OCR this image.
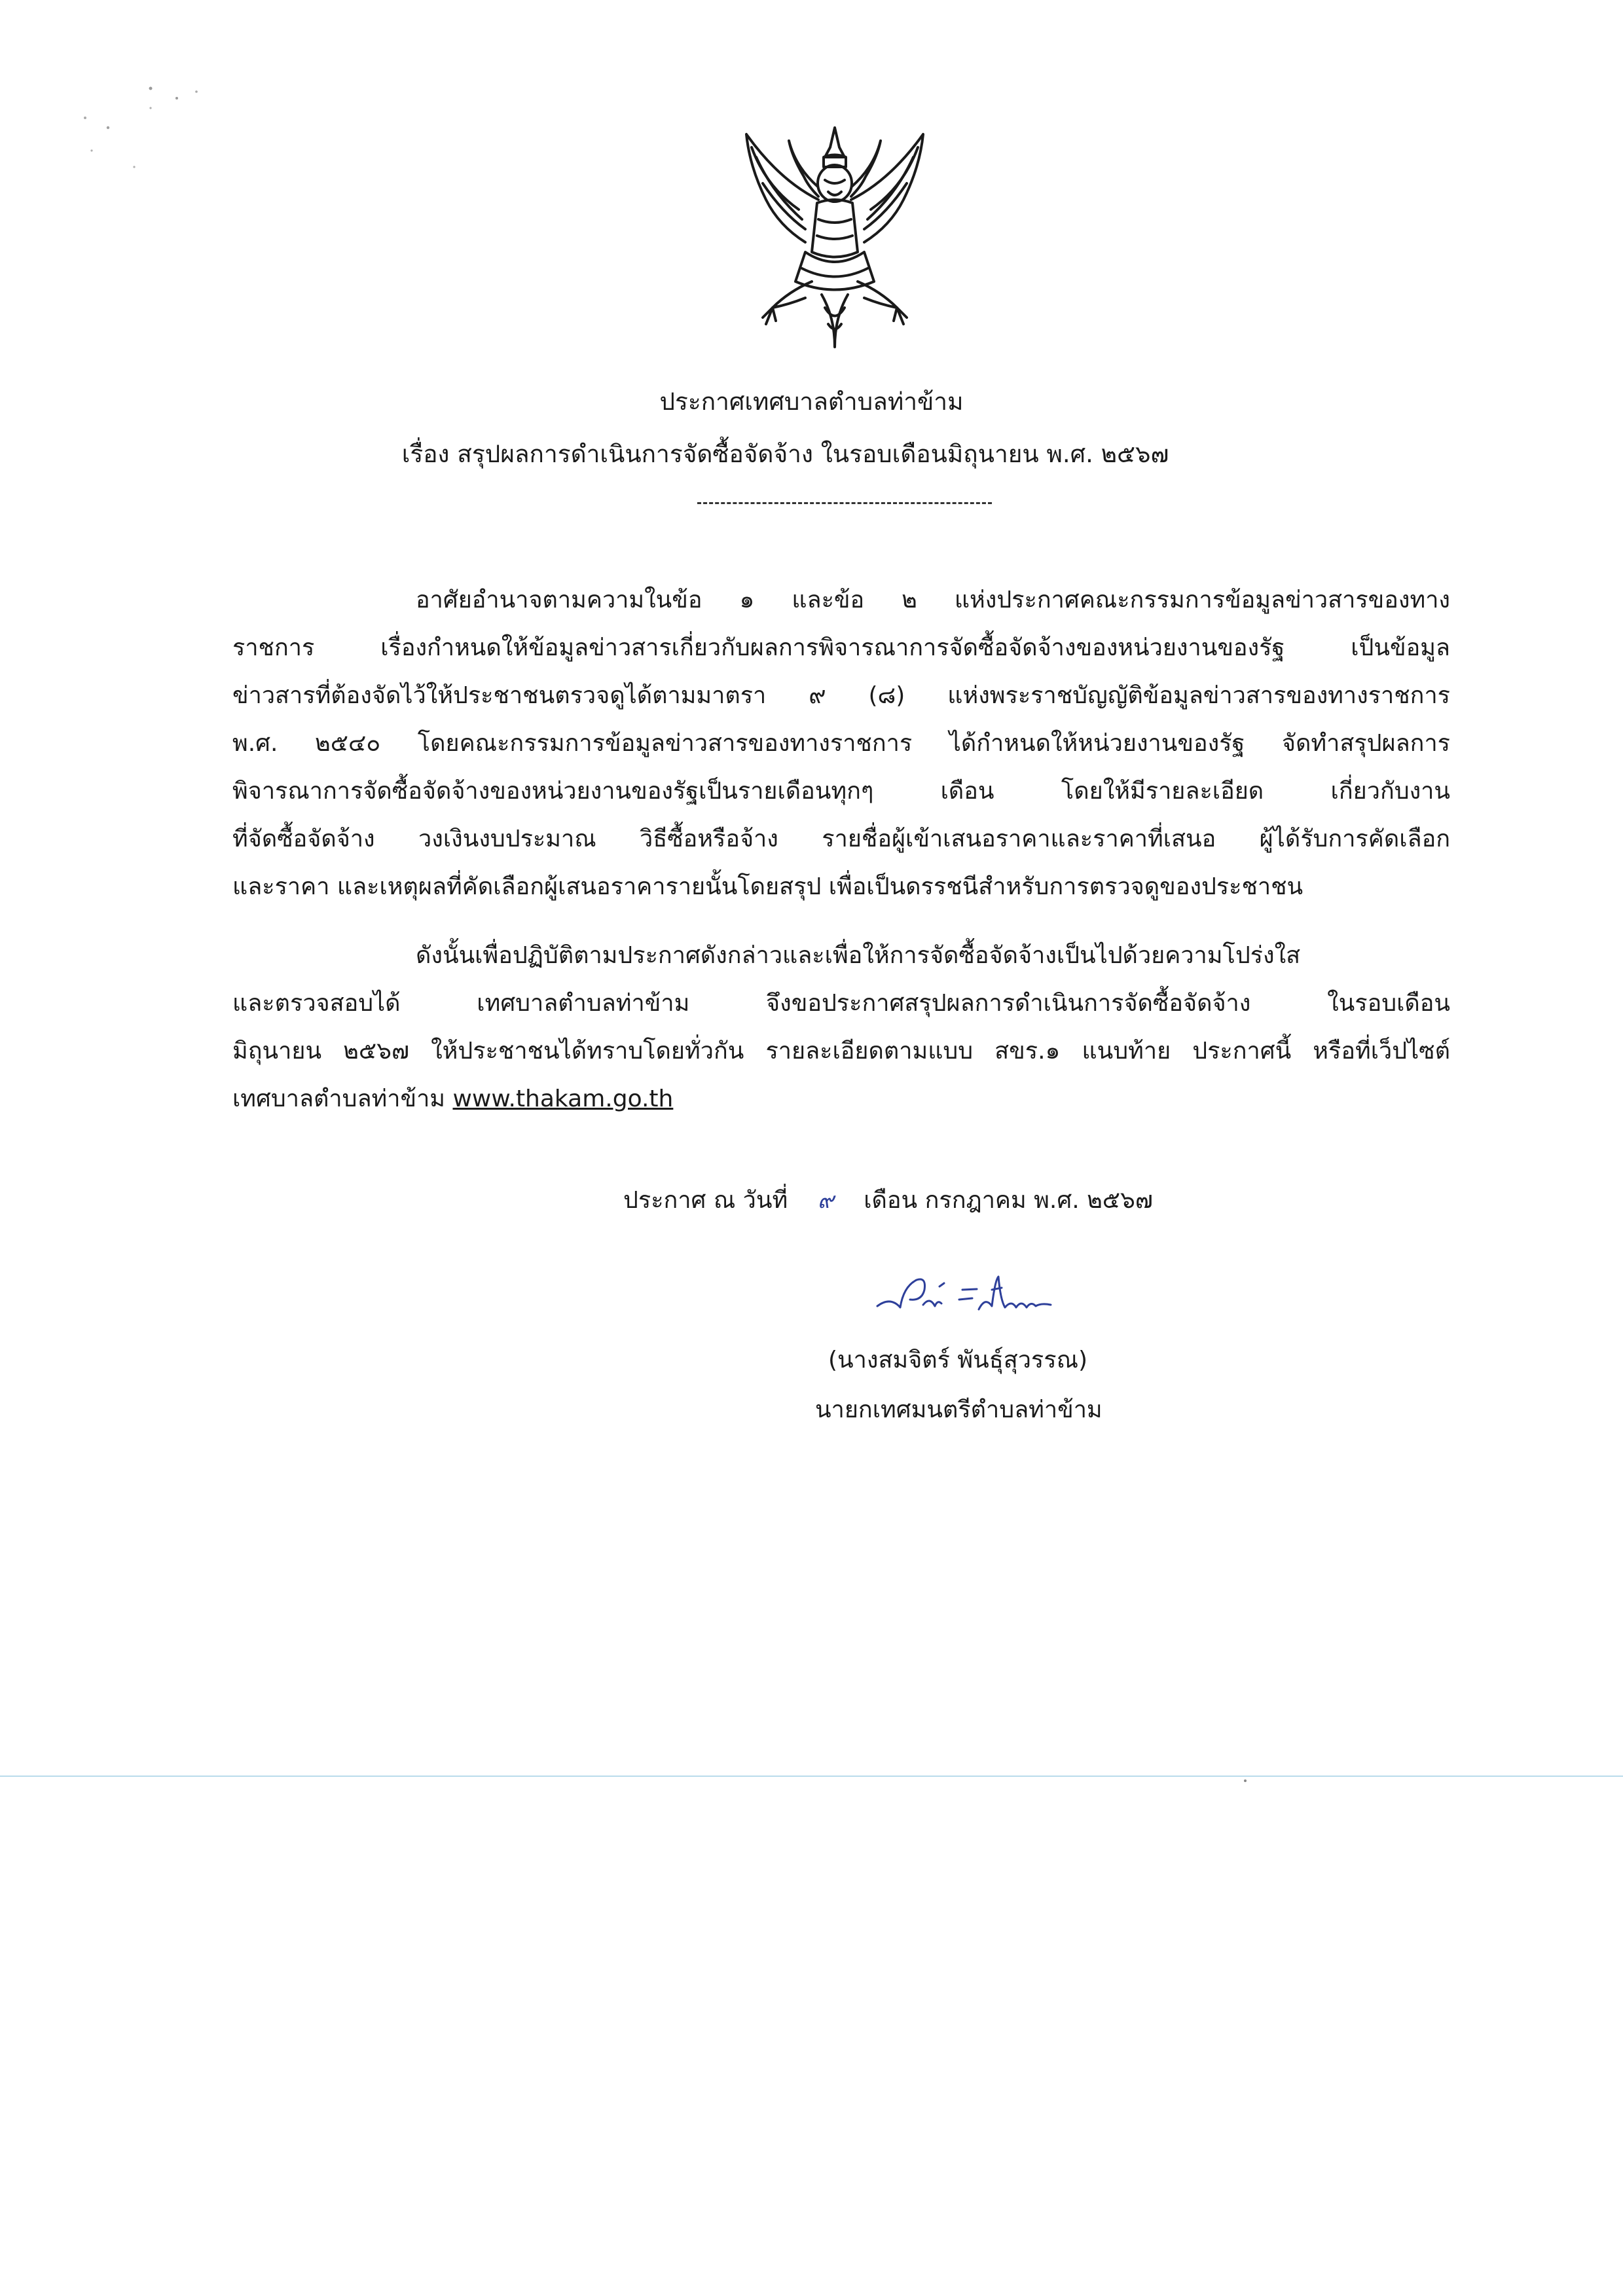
ประกาศเทศบาลตำบลท่าข้าม
เรื่อง สรุปผลการดำเนินการจัดซื้อจัดจ้าง ในรอบเดือนมิถุนายน พ.ศ. ๒๕๖๗
อาศัยอำนาจตามความในข้อ ๑ และข้อ ๒ แห่งประกาศคณะกรรมการข้อมูลข่าวสารของทาง
ราชการ เรื่องกำหนดให้ข้อมูลข่าวสารเกี่ยวกับผลการพิจารณาการจัดซื้อจัดจ้างของหน่วยงานของรัฐ เป็นข้อมูล
ข่าวสารที่ต้องจัดไว้ให้ประชาชนตรวจดูได้ตามมาตรา ๙ (๘) แห่งพระราชบัญญัติข้อมูลข่าวสารของทางราชการ
พ.ศ. ๒๕๔๐ โดยคณะกรรมการข้อมูลข่าวสารของทางราชการ ได้กำหนดให้หน่วยงานของรัฐ จัดทำสรุปผลการ
พิจารณาการจัดซื้อจัดจ้างของหน่วยงานของรัฐเป็นรายเดือนทุกๆ เดือน โดยให้มีรายละเอียด เกี่ยวกับงาน
ที่จัดซื้อจัดจ้าง วงเงินงบประมาณ วิธีซื้อหรือจ้าง รายชื่อผู้เข้าเสนอราคาและราคาที่เสนอ ผู้ได้รับการคัดเลือก
และราคา และเหตุผลที่คัดเลือกผู้เสนอราคารายนั้นโดยสรุป เพื่อเป็นดรรชนีสำหรับการตรวจดูของประชาชน
ดังนั้นเพื่อปฏิบัติตามประกาศดังกล่าวและเพื่อให้การจัดซื้อจัดจ้างเป็นไปด้วยความโปร่งใส
และตรวจสอบได้ เทศบาลตำบลท่าข้าม จึงขอประกาศสรุปผลการดำเนินการจัดซื้อจัดจ้าง ในรอบเดือน
มิถุนายน ๒๕๖๗ ให้ประชาชนได้ทราบโดยทั่วกัน รายละเอียดตามแบบ สขร.๑ แนบท้าย ประกาศนี้ หรือที่เว็ปไซต์
เทศบาลตำบลท่าข้าม www.thakam.go.th
ประกาศ ณ วันที่ ๙ เดือน กรกฎาคม พ.ศ. ๒๕๖๗
(นางสมจิตร์ พันธุ์สุวรรณ)
นายกเทศมนตรีตำบลท่าข้าม
